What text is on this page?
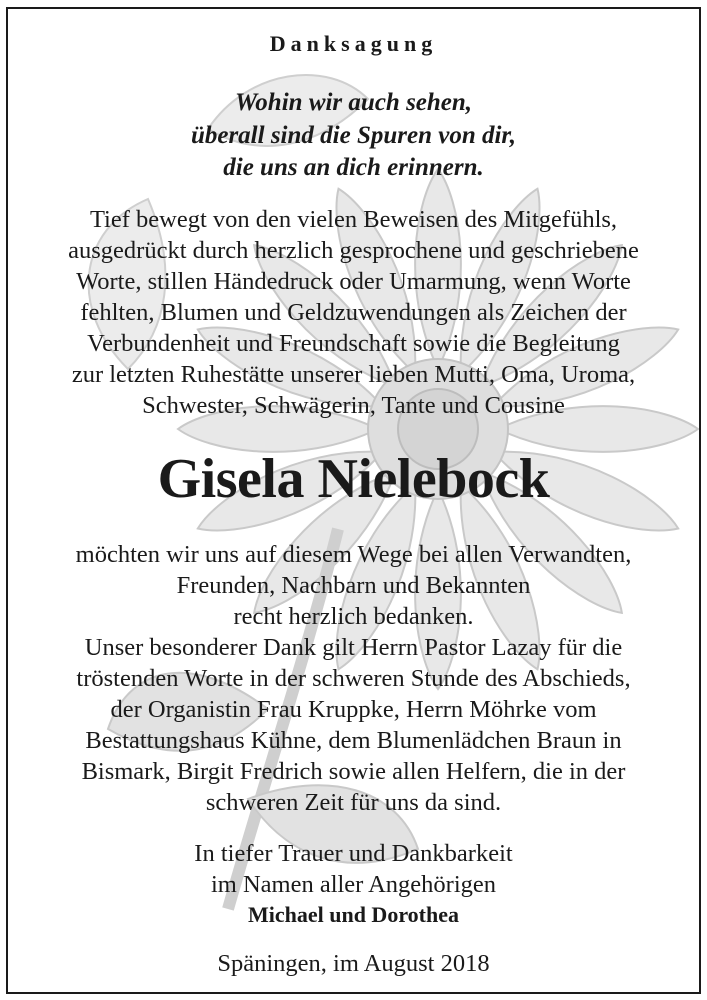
Danksagung
Wohin wir auch sehen,
überall sind die Spuren von dir,
die uns an dich erinnern.
Tief bewegt von den vielen Beweisen des Mitgefühls,
ausgedrückt durch herzlich gesprochene und geschriebene
Worte, stillen Händedruck oder Umarmung, wenn Worte
fehlten, Blumen und Geldzuwendungen als Zeichen der
Verbundenheit und Freundschaft sowie die Begleitung
zur letzten Ruhestätte unserer lieben Mutti, Oma, Uroma,
Schwester, Schwägerin, Tante und Cousine
Gisela Nielebock
möchten wir uns auf diesem Wege bei allen Verwandten,
Freunden, Nachbarn und Bekannten
recht herzlich bedanken.
Unser besonderer Dank gilt Herrn Pastor Lazay für die
tröstenden Worte in der schweren Stunde des Abschieds,
der Organistin Frau Kruppke, Herrn Möhrke vom
Bestattungshaus Kühne, dem Blumenlädchen Braun in
Bismark, Birgit Fredrich sowie allen Helfern, die in der
schweren Zeit für uns da sind.
In tiefer Trauer und Dankbarkeit
im Namen aller Angehörigen
Michael und Dorothea
Späningen, im August 2018
